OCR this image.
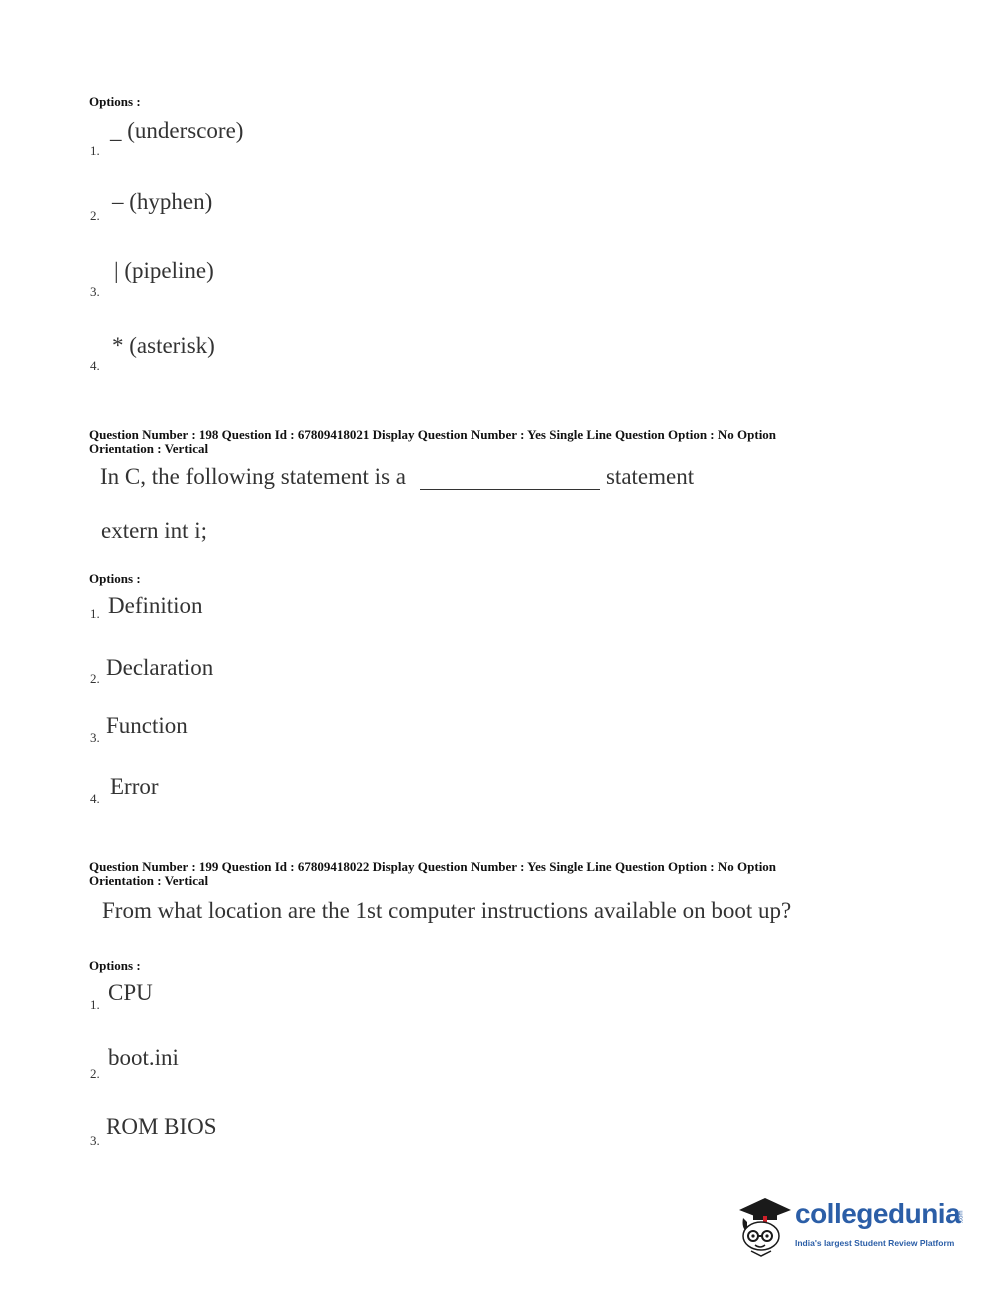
Options :
1.
_ (underscore)
2.
– (hyphen)
3.
| (pipeline)
4.
* (asterisk)
Question Number : 198 Question Id : 67809418021 Display Question Number : Yes Single Line Question Option : No Option
Orientation : Vertical
In C, the following statement is a	statement
extern int i;
Options :
1. Definition
2. Declaration
3. Function
4. Error
Question Number : 199 Question Id : 67809418022 Display Question Number : Yes Single Line Question Option : No Option
Orientation : Vertical
From what location are the 1st computer instructions available on boot up?
Options :
1. CPU
2.
boot.ini
3.
ROM BIOS
collegedunia
.com
India's largest Student Review Platform
